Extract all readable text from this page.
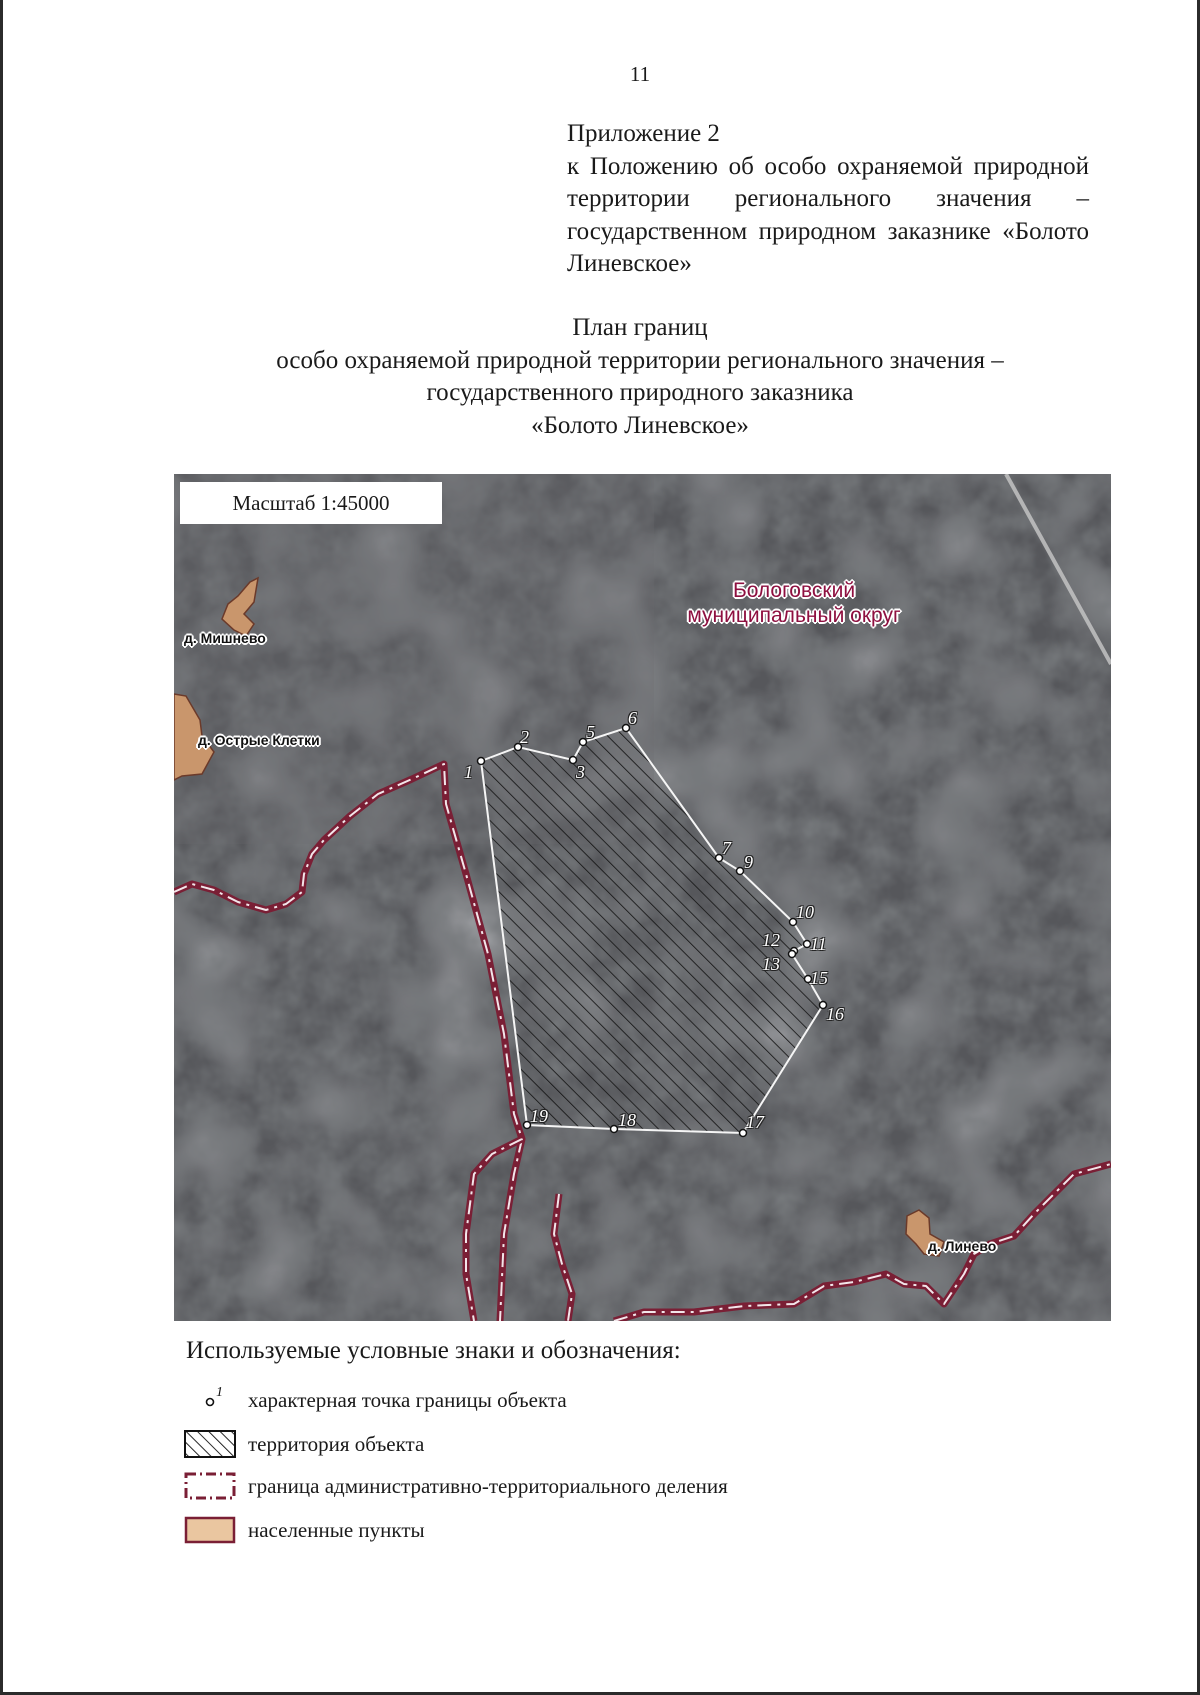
11
Приложение 2
к Положению об особо охраняемой природной территории регионального значения – государственном природном заказнике «Болото Линевское»
План границ
особо охраняемой природной территории регионального значения –
государственного природного заказника
«Болото Линевское»
Масштаб 1:45000
Бологовский
муниципальный округ
д. Мишнево
д. Острые Клетки
д. Линево
1
2
3
5
6
7
9
10
11
12
13
15
16
17
18
19
Используемые условные знаки и обозначения:
1 характерная точка границы объекта
территория объекта
граница административно-территориального деления
населенные пункты
